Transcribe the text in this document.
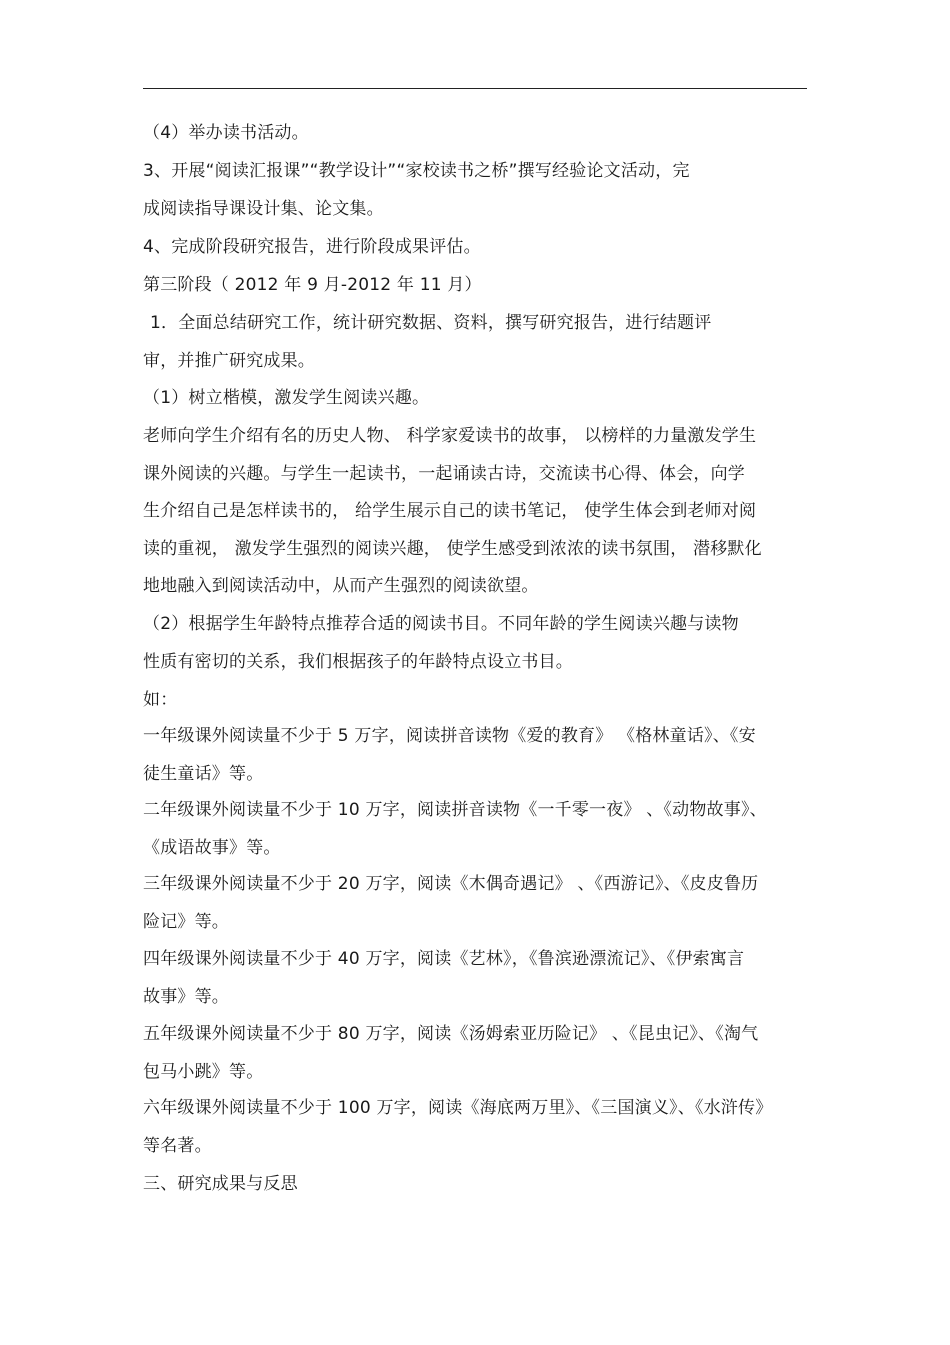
（4）举办读书活动。
3、开展“阅读汇报课”“教学设计”“家校读书之桥”撰写经验论文活动，完
成阅读指导课设计集、论文集。
4、完成阶段研究报告，进行阶段成果评估。
第三阶段（ 2012 年 9 月-2012 年 11 月）
1．全面总结研究工作，统计研究数据、资料，撰写研究报告，进行结题评
审，并推广研究成果。
（1）树立楷模，激发学生阅读兴趣。
老师向学生介绍有名的历史人物、 科学家爱读书的故事， 以榜样的力量激发学生
课外阅读的兴趣。与学生一起读书，一起诵读古诗，交流读书心得、体会，向学
生介绍自己是怎样读书的， 给学生展示自己的读书笔记， 使学生体会到老师对阅
读的重视， 激发学生强烈的阅读兴趣， 使学生感受到浓浓的读书氛围， 潜移默化
地地融入到阅读活动中，从而产生强烈的阅读欲望。
（2）根据学生年龄特点推荐合适的阅读书目。不同年龄的学生阅读兴趣与读物
性质有密切的关系，我们根据孩子的年龄特点设立书目。
如：
一年级课外阅读量不少于 5 万字，阅读拼音读物《爱的教育》 《格林童话》、《安
徒生童话》等。
二年级课外阅读量不少于 10 万字，阅读拼音读物《一千零一夜》 、《动物故事》、
《成语故事》等。
三年级课外阅读量不少于 20 万字，阅读《木偶奇遇记》 、《西游记》、《皮皮鲁历
险记》等。
四年级课外阅读量不少于 40 万字，阅读《艺林》，《鲁滨逊漂流记》、《伊索寓言
故事》等。
五年级课外阅读量不少于 80 万字，阅读《汤姆索亚历险记》 、《昆虫记》、《淘气
包马小跳》等。
六年级课外阅读量不少于 100 万字，阅读《海底两万里》、《三国演义》、《水浒传》
等名著。
三、研究成果与反思
